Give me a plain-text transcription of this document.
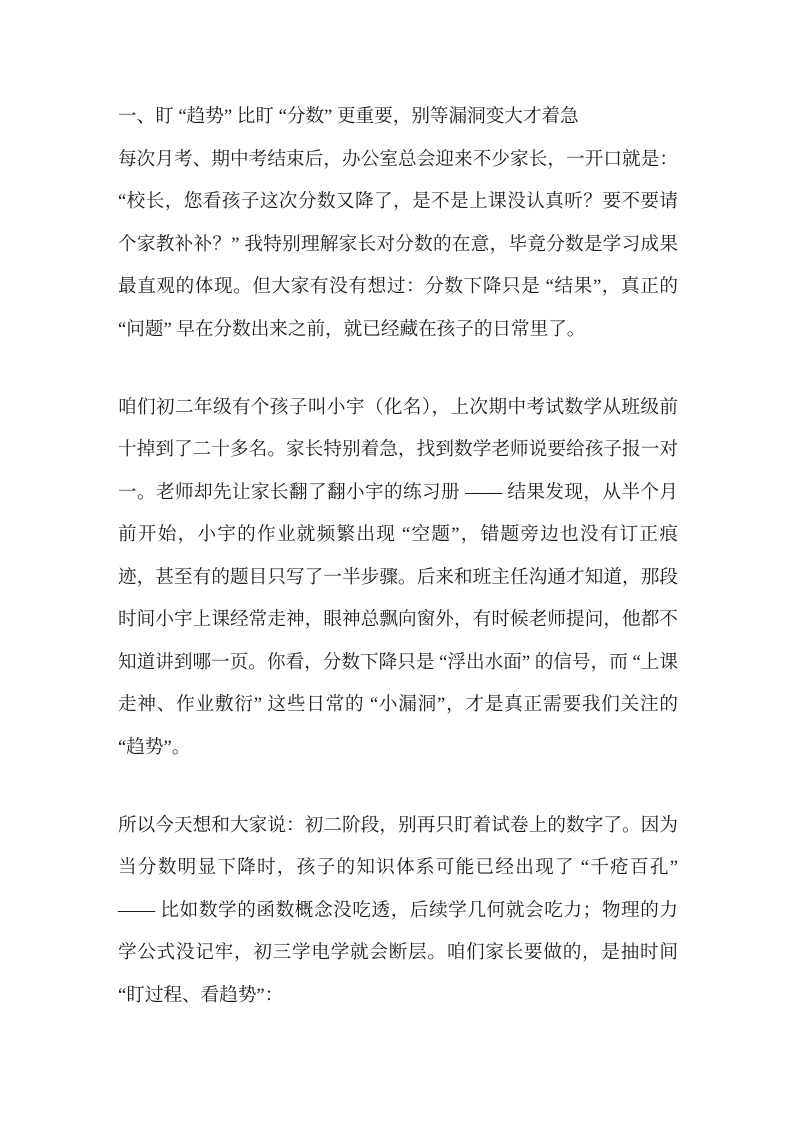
一、盯 “趋势” 比盯 “分数” 更重要，别等漏洞变大才着急

每次月考、期中考结束后，办公室总会迎来不少家长，一开口就是：“校长，您看孩子这次分数又降了，是不是上课没认真听？要不要请个家教补补？” 我特别理解家长对分数的在意，毕竟分数是学习成果最直观的体现。但大家有没有想过：分数下降只是 “结果”，真正的 “问题” 早在分数出来之前，就已经藏在孩子的日常里了。

咱们初二年级有个孩子叫小宇（化名），上次期中考试数学从班级前十掉到了二十多名。家长特别着急，找到数学老师说要给孩子报一对一。老师却先让家长翻了翻小宇的练习册 —— 结果发现，从半个月前开始，小宇的作业就频繁出现 “空题”，错题旁边也没有订正痕迹，甚至有的题目只写了一半步骤。后来和班主任沟通才知道，那段时间小宇上课经常走神，眼神总飘向窗外，有时候老师提问，他都不知道讲到哪一页。你看，分数下降只是 “浮出水面” 的信号，而 “上课走神、作业敷衍” 这些日常的 “小漏洞”，才是真正需要我们关注的 “趋势”。

所以今天想和大家说：初二阶段，别再只盯着试卷上的数字了。因为当分数明显下降时，孩子的知识体系可能已经出现了 “千疮百孔” —— 比如数学的函数概念没吃透，后续学几何就会吃力；物理的力学公式没记牢，初三学电学就会断层。咱们家长要做的，是抽时间 “盯过程、看趋势”：
